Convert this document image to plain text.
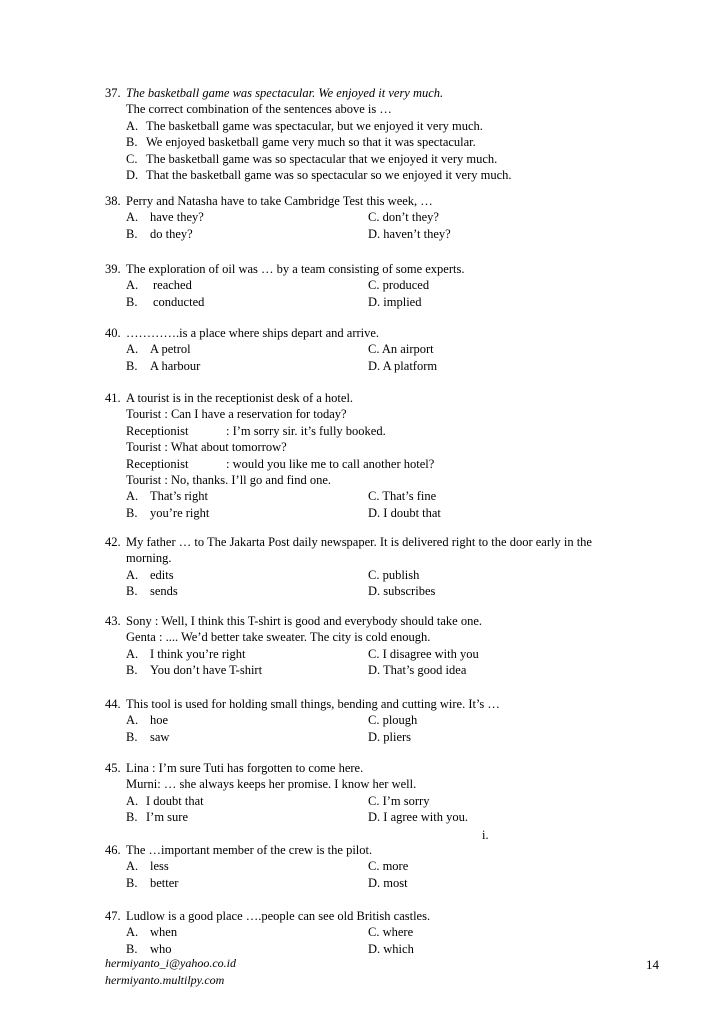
37. The basketball game was spectacular. We enjoyed it very much.
The correct combination of the sentences above is …
A. The basketball game was spectacular, but we enjoyed it very much.
B. We enjoyed basketball game very much so that it was spectacular.
C. The basketball game was so spectacular that we enjoyed it very much.
D. That the basketball game was so spectacular so we enjoyed it very much.
38. Perry and Natasha have to take Cambridge Test this week, …
A. have they?	C. don’t they?
B. do they?	D. haven’t they?
39. The exploration of oil was … by a team consisting of some experts.
A. reached	C. produced
B. conducted	D. implied
40. ………….is a place where ships depart and arrive.
A. A petrol	C. An airport
B. A harbour	D. A platform
41. A tourist is in the receptionist desk of a hotel.
Tourist : Can I have a reservation for today?
Receptionist	: I’m sorry sir. it’s fully booked.
Tourist : What about tomorrow?
Receptionist	: would you like me to call another hotel?
Tourist : No, thanks. I’ll go and find one.
A. That’s right	C. That’s fine
B. you’re right	D. I doubt that
42. My father … to The Jakarta Post daily newspaper. It is delivered right to the door early in the
morning.
A. edits	C. publish
B. sends	D. subscribes
43. Sony : Well, I think this T-shirt is good and everybody should take one.
Genta : .... We’d better take sweater. The city is cold enough.
A. I think you’re right	C. I disagree with you
B. You don’t have T-shirt	D. That’s good idea
44. This tool is used for holding small things, bending and cutting wire. It’s …
A. hoe	C. plough
B. saw	D. pliers
45. Lina : I’m sure Tuti has forgotten to come here.
Murni: … she always keeps her promise. I know her well.
A. I doubt that	C. I’m sorry
B. I’m sure	D. I agree with you.
i.
46. The …important member of the crew is the pilot.
A. less	C. more
B. better	D. most
47. Ludlow is a good place ….people can see old British castles.
A. when	C. where
B. who	D. which
hermiyanto_i@yahoo.co.id
hermiyanto.multilpy.com
14
